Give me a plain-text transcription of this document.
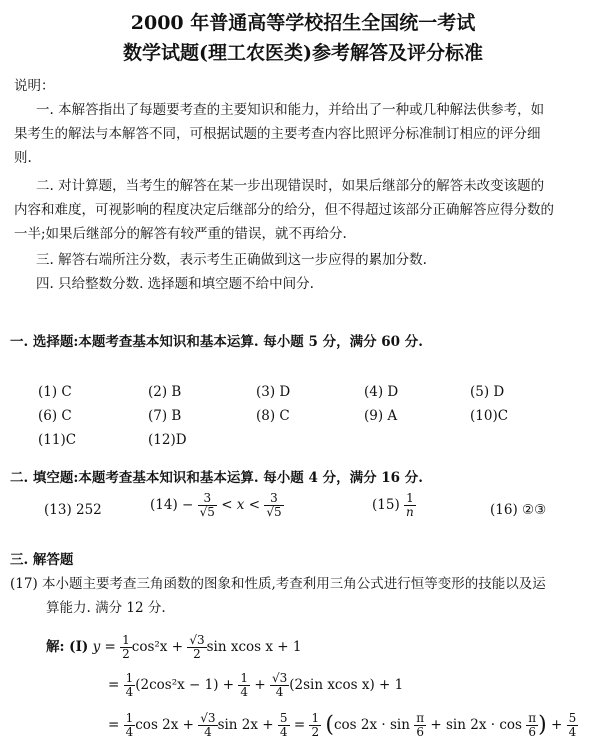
2000 年普通高等学校招生全国统一考试
数学试题(理工农医类)参考解答及评分标准
说明：
一. 本解答指出了每题要考查的主要知识和能力，并给出了一种或几种解法供参考，如
果考生的解法与本解答不同，可根据试题的主要考查内容比照评分标准制订相应的评分细
则.
二. 对计算题，当考生的解答在某一步出现错误时，如果后继部分的解答未改变该题的
内容和难度，可视影响的程度决定后继部分的给分，但不得超过该部分正确解答应得分数的
一半;如果后继部分的解答有较严重的错误，就不再给分.
三. 解答右端所注分数，表示考生正确做到这一步应得的累加分数.
四. 只给整数分数. 选择题和填空题不给中间分.
一. 选择题:本题考查基本知识和基本运算. 每小题 5 分，满分 60 分.
(1) C	(2) B	(3) D	(4) D	(5) D
(6) C	(7) B	(8) C	(9) A	(10)C
(11)C	(12)D
二. 填空题:本题考查基本知识和基本运算. 每小题 4 分，满分 16 分.
(13) 252	$(14) - \frac{3}{√5} < x < \frac{3}{√5}$	$(15) \frac{1}{n}$	(16) ②③
三. 解答题
(17) 本小题主要考查三角函数的图象和性质,考查利用三角公式进行恒等变形的技能以及运
算能力. 满分 12 分.
解: (Ⅰ) $y = \frac{1}{2} \cos^2x + \frac{√3}{2}$ sin xcos x + 1
= $\frac{1}{4} (2\cos^2x - 1) + \frac{1}{4} + \frac{√3}{4} (2\sin$ xcos x) + 1
= $\frac{1}{4}$ $\cos 2x + \frac{√3}{4}$ $\sin 2x + \frac{5}{4} = \frac{1}{2} (\cos$ $2x \cdot \sin \frac{\pi}{6} + \sin 2x \cdot \cos \frac{\pi}{6}$ ) + $\frac{5}{4}$
